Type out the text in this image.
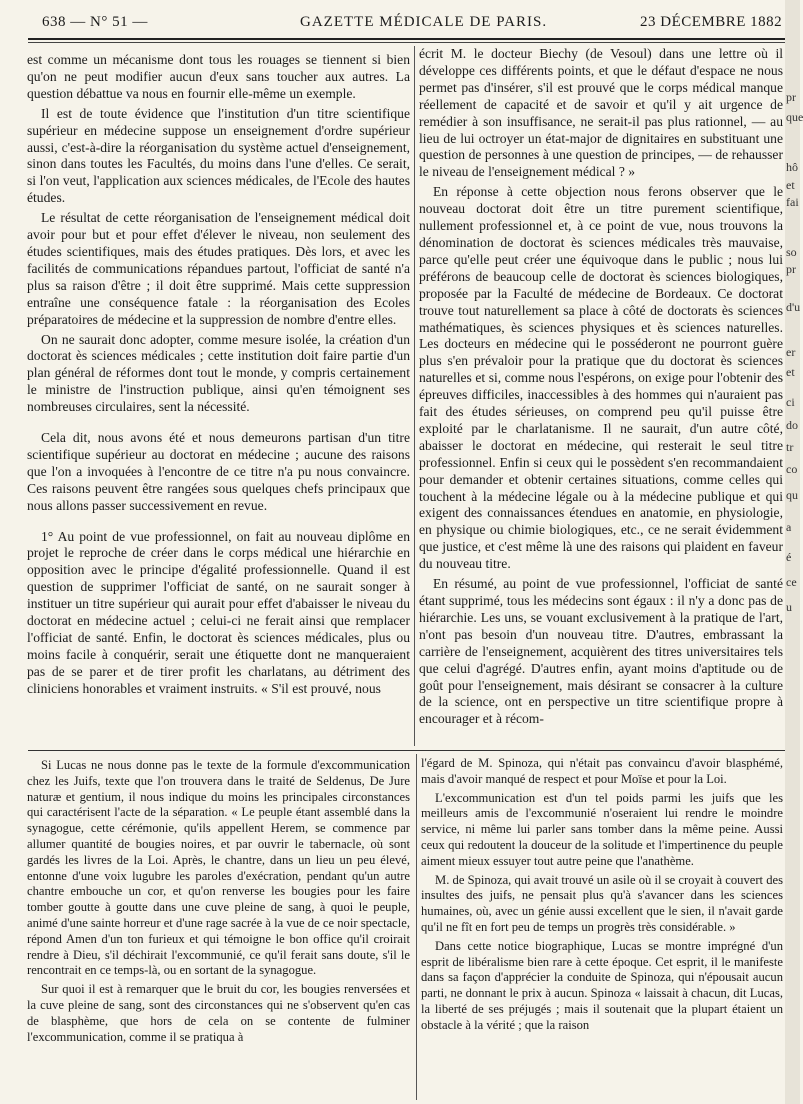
638 — N° 51 —	GAZETTE MÉDICALE DE PARIS.	23 DÉCEMBRE 1882

est comme un mécanisme dont tous les rouages se tiennent si bien qu'on ne peut modifier aucun d'eux sans toucher aux autres. La question débattue va nous en fournir elle-même un exemple.

Il est de toute évidence que l'institution d'un titre scientifique supérieur en médecine suppose un enseignement d'ordre supérieur aussi, c'est-à-dire la réorganisation du système actuel d'enseignement, sinon dans toutes les Facultés, du moins dans l'une d'elles. Ce serait, si l'on veut, l'application aux sciences médicales, de l'Ecole des hautes études.

Le résultat de cette réorganisation de l'enseignement médical doit avoir pour but et pour effet d'élever le niveau, non seulement des études scientifiques, mais des études pratiques. Dès lors, et avec les facilités de communications répandues partout, l'officiat de santé n'a plus sa raison d'être ; il doit être supprimé. Mais cette suppression entraîne une conséquence fatale : la réorganisation des Ecoles préparatoires de médecine et la suppression de nombre d'entre elles.

On ne saurait donc adopter, comme mesure isolée, la création d'un doctorat ès sciences médicales ; cette institution doit faire partie d'un plan général de réformes dont tout le monde, y compris certainement le ministre de l'instruction publique, ainsi qu'en témoignent ses nombreuses circulaires, sent la nécessité.

Cela dit, nous avons été et nous demeurons partisan d'un titre scientifique supérieur au doctorat en médecine ; aucune des raisons que l'on a invoquées à l'encontre de ce titre n'a pu nous convaincre. Ces raisons peuvent être rangées sous quelques chefs principaux que nous allons passer successivement en revue.

1° Au point de vue professionnel, on fait au nouveau diplôme en projet le reproche de créer dans le corps médical une hiérarchie en opposition avec le principe d'égalité professionnelle. Quand il est question de supprimer l'officiat de santé, on ne saurait songer à instituer un titre supérieur qui aurait pour effet d'abaisser le niveau du doctorat en médecine actuel ; celui-ci ne ferait ainsi que remplacer l'officiat de santé. Enfin, le doctorat ès sciences médicales, plus ou moins facile à conquérir, serait une étiquette dont ne manqueraient pas de se parer et de tirer profit les charlatans, au détriment des cliniciens honorables et vraiment instruits. « S'il est prouvé, nous

écrit M. le docteur Biechy (de Vesoul) dans une lettre où il développe ces différents points, et que le défaut d'espace ne nous permet pas d'insérer, s'il est prouvé que le corps médical manque réellement de capacité et de savoir et qu'il y ait urgence de remédier à son insuffisance, ne serait-il pas plus rationnel, — au lieu de lui octroyer un état-major de dignitaires en substituant une question de personnes à une question de principes, — de rehausser le niveau de l'enseignement médical ? »

En réponse à cette objection nous ferons observer que le nouveau doctorat doit être un titre purement scientifique, nullement professionnel et, à ce point de vue, nous trouvons la dénomination de doctorat ès sciences médicales très mauvaise, parce qu'elle peut créer une équivoque dans le public ; nous lui préférons de beaucoup celle de doctorat ès sciences biologiques, proposée par la Faculté de médecine de Bordeaux. Ce doctorat trouve tout naturellement sa place à côté de doctorats ès sciences mathématiques, ès sciences physiques et ès sciences naturelles. Les docteurs en médecine qui le posséderont ne pourront guère plus s'en prévaloir pour la pratique que du doctorat ès sciences naturelles et si, comme nous l'espérons, on exige pour l'obtenir des épreuves difficiles, inaccessibles à des hommes qui n'auraient pas fait des études sérieuses, on comprend peu qu'il puisse être exploité par le charlatanisme. Il ne saurait, d'un autre côté, abaisser le doctorat en médecine, qui resterait le seul titre professionnel. Enfin si ceux qui le possèdent s'en recommandaient pour demander et obtenir certaines situations, comme celles qui touchent à la médecine légale ou à la médecine publique et qui exigent des connaissances étendues en anatomie, en physiologie, en physique ou chimie biologiques, etc., ce ne serait évidemment que justice, et c'est même là une des raisons qui plaident en faveur du nouveau titre.

En résumé, au point de vue professionnel, l'officiat de santé étant supprimé, tous les médecins sont égaux : il n'y a donc pas de hiérarchie. Les uns, se vouant exclusivement à la pratique de l'art, n'ont pas besoin d'un nouveau titre. D'autres, embrassant la carrière de l'enseignement, acquièrent des titres universitaires tels que celui d'agrégé. D'autres enfin, ayant moins d'aptitude ou de goût pour l'enseignement, mais désirant se consacrer à la culture de la science, ont en perspective un titre scientifique propre à encourager et à récom-

Si Lucas ne nous donne pas le texte de la formule d'excommunication chez les Juifs, texte que l'on trouvera dans le traité de Seldenus, De Jure naturæ et gentium, il nous indique du moins les principales circonstances qui caractérisent l'acte de la séparation. « Le peuple étant assemblé dans la synagogue, cette cérémonie, qu'ils appellent Herem, se commence par allumer quantité de bougies noires, et par ouvrir le tabernacle, où sont gardés les livres de la Loi. Après, le chantre, dans un lieu un peu élevé, entonne d'une voix lugubre les paroles d'exécration, pendant qu'un autre chantre embouche un cor, et qu'on renverse les bougies pour les faire tomber goutte à goutte dans une cuve pleine de sang, à quoi le peuple, animé d'une sainte horreur et d'une rage sacrée à la vue de ce noir spectacle, répond Amen d'un ton furieux et qui témoigne le bon office qu'il croirait rendre à Dieu, s'il déchirait l'excommunié, ce qu'il ferait sans doute, s'il le rencontrait en ce temps-là, ou en sortant de la synagogue.

Sur quoi il est à remarquer que le bruit du cor, les bougies renversées et la cuve pleine de sang, sont des circonstances qui ne s'observent qu'en cas de blasphème, que hors de cela on se contente de fulminer l'excommunication, comme il se pratiqua à

l'égard de M. Spinoza, qui n'était pas convaincu d'avoir blasphémé, mais d'avoir manqué de respect et pour Moïse et pour la Loi.

L'excommunication est d'un tel poids parmi les juifs que les meilleurs amis de l'excommunié n'oseraient lui rendre le moindre service, ni même lui parler sans tomber dans la même peine. Aussi ceux qui redoutent la douceur de la solitude et l'impertinence du peuple aiment mieux essuyer tout autre peine que l'anathème.

M. de Spinoza, qui avait trouvé un asile où il se croyait à couvert des insultes des juifs, ne pensait plus qu'à s'avancer dans les sciences humaines, où, avec un génie aussi excellent que le sien, il n'avait garde qu'il ne fît en fort peu de temps un progrès très considérable. »

Dans cette notice biographique, Lucas se montre imprégné d'un esprit de libéralisme bien rare à cette époque. Cet esprit, il le manifeste dans sa façon d'apprécier la conduite de Spinoza, qui n'épousait aucun parti, ne donnant le prix à aucun. Spinoza « laissait à chacun, dit Lucas, la liberté de ses préjugés ; mais il soutenait que la plupart étaient un obstacle à la vérité ; que la raison

pr
que
hô
et
fai
so
pr
d'u
er
et
ci
do
tr
co
qu
a
é
ce
u
